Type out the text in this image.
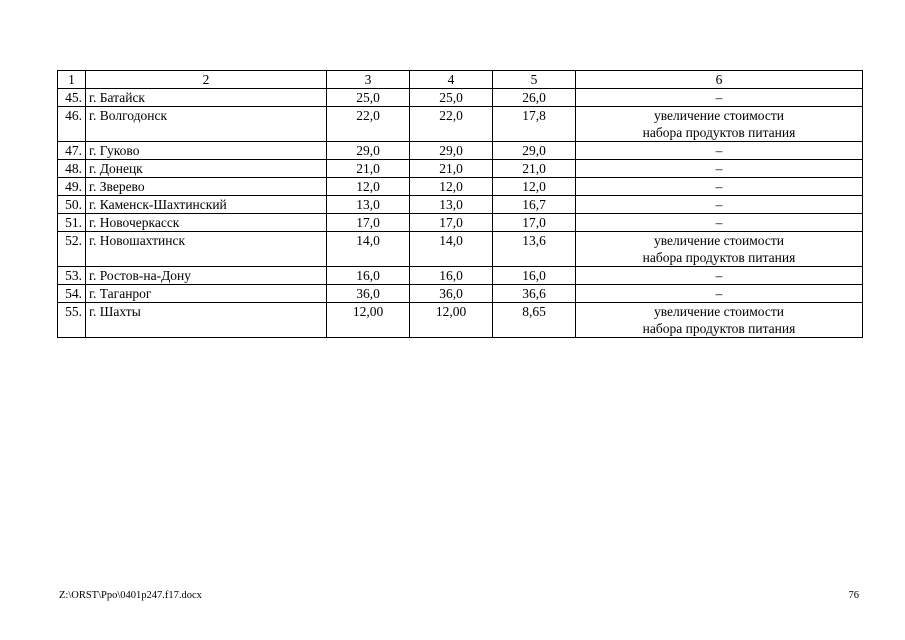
1	2	3	4	5	6
45.	г. Батайск	25,0	25,0	26,0	–

46.	г. Волгодонск	22,0	22,0	17,8	увеличение стоимости
набора продуктов питания

47.	г. Гуково	29,0	29,0	29,0	–

48.	г. Донецк	21,0	21,0	21,0	–

49.	г. Зверево	12,0	12,0	12,0	–

50.	г. Каменск-Шахтинский	13,0	13,0	16,7	–

51.	г. Новочеркасск	17,0	17,0	17,0	–

52.	г. Новошахтинск	14,0	14,0	13,6	увеличение стоимости
набора продуктов питания

53.	г. Ростов-на-Дону	16,0	16,0	16,0	–

54.	г. Таганрог	36,0	36,0	36,6	–

55.	г. Шахты	12,00	12,00	8,65	увеличение стоимости
набора продуктов питания
Z:\ORST\Ppo\0401p247.f17.docx	76
